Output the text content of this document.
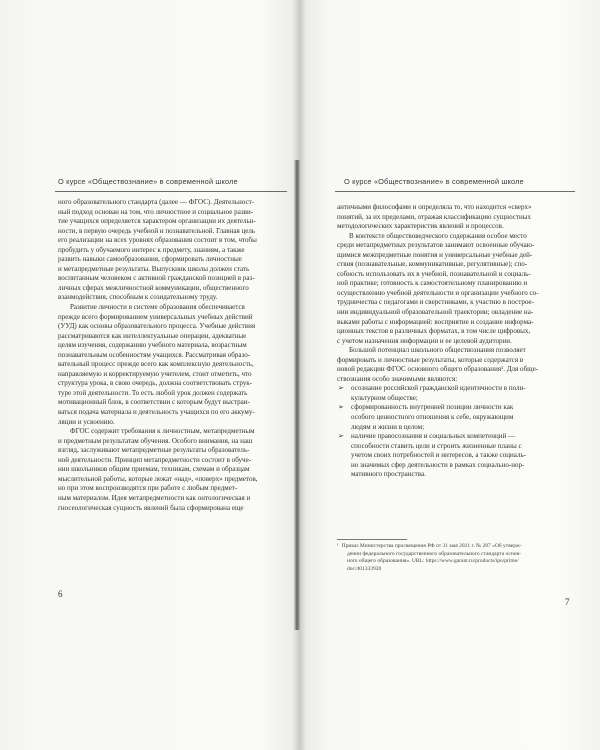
О курсе «Обществознание» в современной школе
ного образовательного стандарта (далее — ФГОС). Деятельност-
ный подход основан на том, что личностное и социальное разви-
тие учащихся определяется характером организации их деятельн-
ности, в первую очередь учебной и познавательной. Главная цель
его реализации на всех уровнях образования состоит в том, чтобы
пробудить у обучаемого интерес к предмету, знаниям, а также
развить навыки самообразования, сформировать личностные
и метапредметные результаты. Выпускник школы должен стать
воспитанным человеком с активной гражданской позицией в раз-
личных сферах межличностной коммуникации, общественного
взаимодействия, способным к созидательному труду.
Развитие личности в системе образования обеспечивается
прежде всего формированием универсальных учебных действий
(УУД) как основы образовательного процесса. Учебные действия
рассматриваются как интеллектуальные операции, адекватные
целям изучения, содержанию учебного материала, возрастным
познавательным особенностям учащихся. Рассматривая образо-
вательный процесс прежде всего как комплексную деятельность,
направляемую и корректируемую учителем, стоит отметить, что
структура урока, в свою очередь, должна соответствовать струк-
туре этой деятельности. То есть любой урок должен содержать
мотивационный блок, в соответствии с которым будут выстраи-
ваться подача материала и деятельность учащихся по его аккуму-
ляции и усвоению.
ФГОС содержит требования к личностным, метапредметным
и предметным результатам обучения. Особого внимания, на наш
взгляд, заслуживают метапредметные результаты образователь-
ной деятельности. Принцип метапредметности состоит в обуче-
нии школьников общим приемам, техникам, схемам и образцам
мыслительной работы, которые лежат «над», «поверх» предметов,
но при этом воспроизводятся при работе с любым предмет-
ным материалом. Идея метапредметности как онтологическая и
гносеологическая сущность явлений была сформирована еще
6
О курсе «Обществознание» в современной школе
античными философами и определяла то, что находится «сверх»
понятий, за их пределами, отражая классификацию сущностных
методологических характеристик явлений и процессов.
В контексте обществоведческого содержания особое место
среди метапредметных результатов занимают освоенные обучаю-
щимися межпредметные понятия и универсальные учебные дей-
ствия (познавательные, коммуникативные, регулятивные); спо-
собность использовать их в учебной, познавательной и социаль-
ной практике; готовность к самостоятельному планированию и
осуществлению учебной деятельности и организации учебного со-
трудничества с педагогами и сверстниками, к участию в построе-
нии индивидуальной образовательной траектории; овладение на-
выками работы с информацией: восприятие и создание информа-
ционных текстов в различных форматах, в том числе цифровых,
с учетом назначения информации и ее целевой аудитории.
Большой потенциал школьного обществознания позволяет
формировать и личностные результаты, которые содержатся в
новой редакции ФГОС основного общего образования¹. Для обще-
ствознания особо значимыми являются:
➢ осознание российской гражданской идентичности в поли-
культурном обществе;
➢ сформированность внутренней позиции личности как
особого ценностного отношения к себе, окружающим
людям и жизни в целом;
➢ наличие правосознания и социальных компетенций —
способности ставить цели и строить жизненные планы с
учетом своих потребностей и интересов, а также социаль-
но значимых сфер деятельности в рамках социально-нор-
мативного пространства.
¹ Приказ Министерства просвещения РФ от 31 мая 2021 г. № 287 «Об утверж-
дении федерального государственного образовательного стандарта основ-
ного общего образования». URL: https://www.garant.ru/products/ipo/prime/
doc/401333920
7
